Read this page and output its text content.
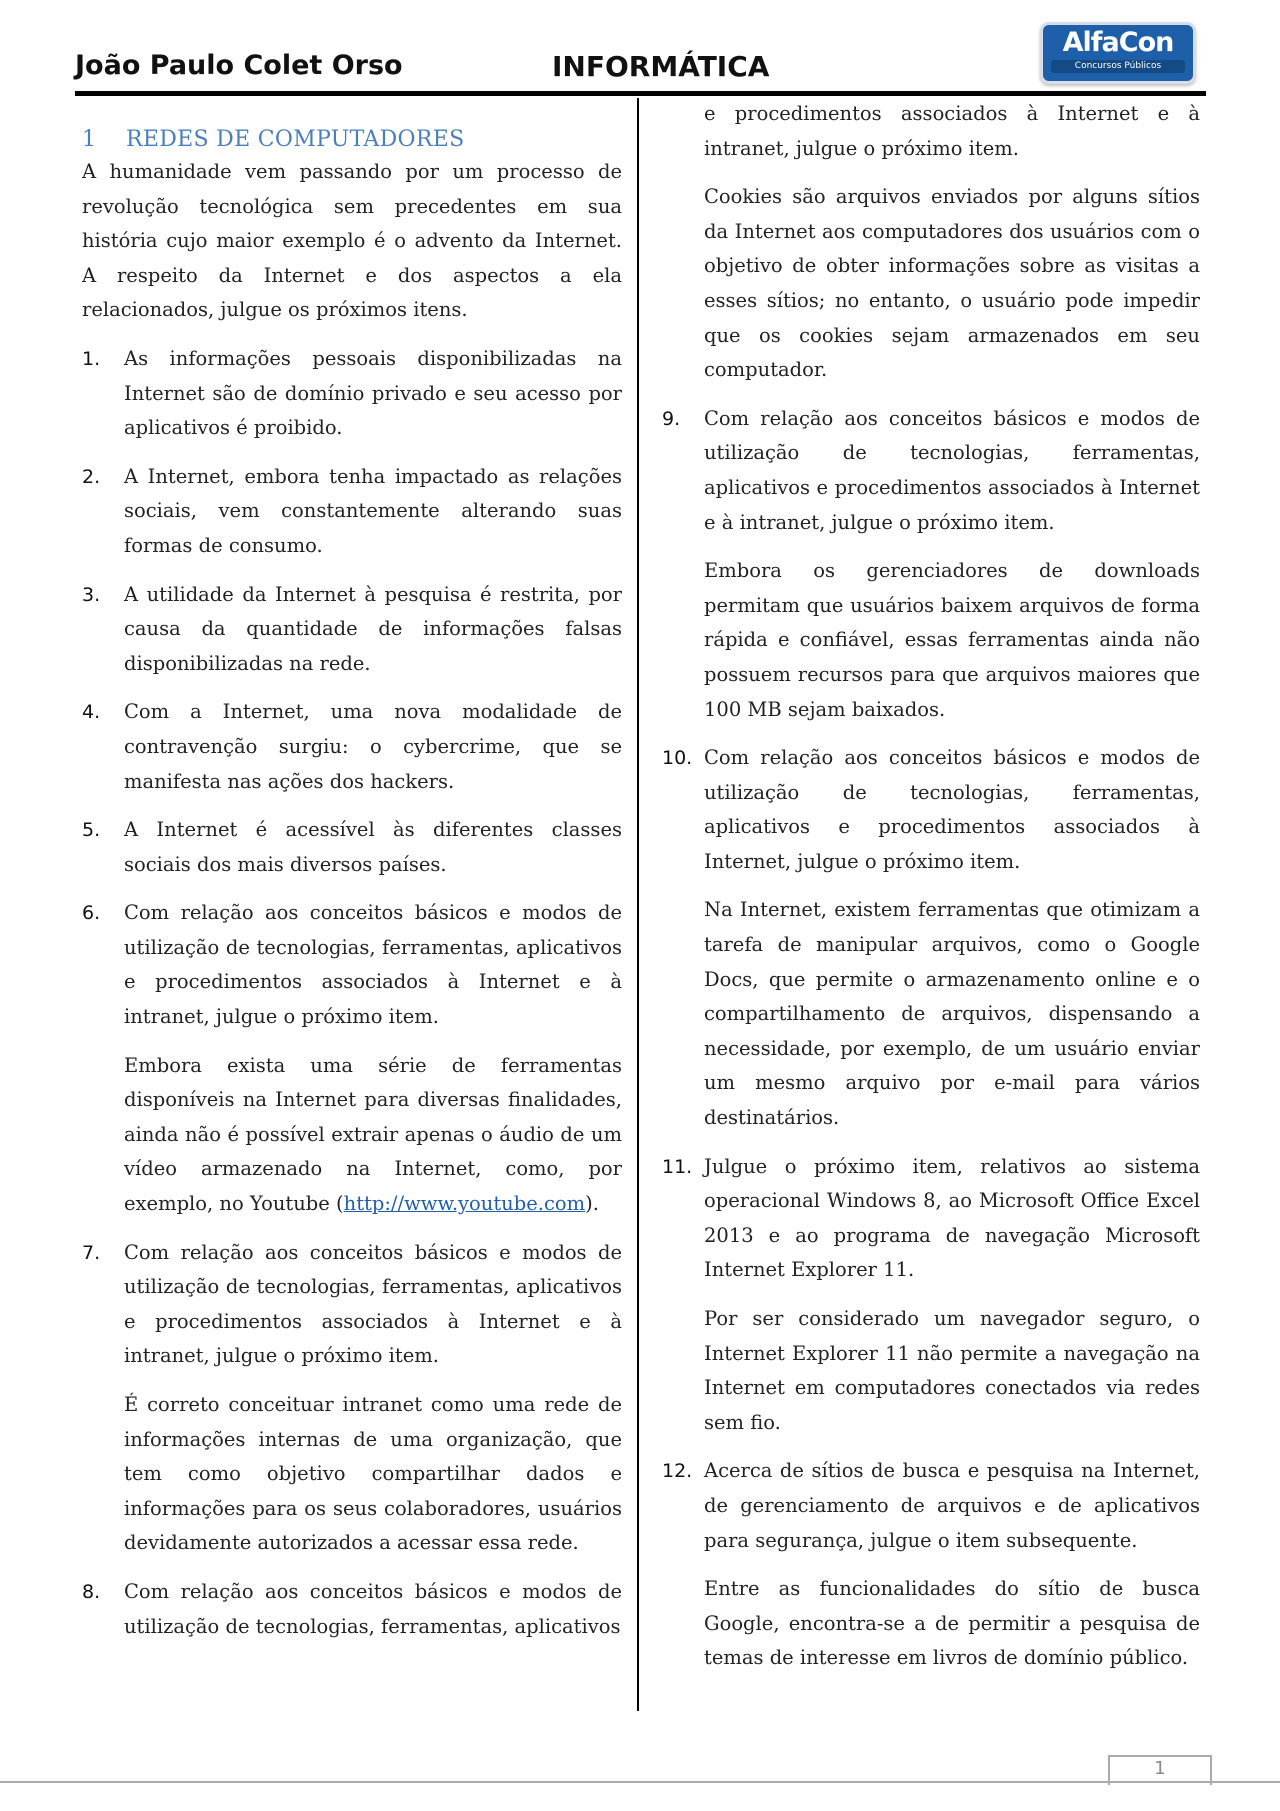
João Paulo Colet Orso	INFORMÁTICA
AlfaCon
Concursos Públicos
1 REDES DE COMPUTADORES

A humanidade vem passando por um processo de revolução tecnológica sem precedentes em sua história cujo maior exemplo é o advento da Internet. A respeito da Internet e dos aspectos a ela relacionados, julgue os próximos itens.

1.	As informações pessoais disponibilizadas na Internet são de domínio privado e seu acesso por aplicativos é proibido.

2.	A Internet, embora tenha impactado as relações sociais, vem constantemente alterando suas formas de consumo.

3.	A utilidade da Internet à pesquisa é restrita, por causa da quantidade de informações falsas disponibilizadas na rede.

4.	Com a Internet, uma nova modalidade de contravenção surgiu: o cybercrime, que se manifesta nas ações dos hackers.

5.	A Internet é acessível às diferentes classes sociais dos mais diversos países.

6.	Com relação aos conceitos básicos e modos de utilização de tecnologias, ferramentas, aplicativos e procedimentos associados à Internet e à intranet, julgue o próximo item.

Embora exista uma série de ferramentas disponíveis na Internet para diversas finalidades, ainda não é possível extrair apenas o áudio de um vídeo armazenado na Internet, como, por exemplo, no Youtube (http://www.youtube.com).

7.	Com relação aos conceitos básicos e modos de utilização de tecnologias, ferramentas, aplicativos e procedimentos associados à Internet e à intranet, julgue o próximo item.

É correto conceituar intranet como uma rede de informações internas de uma organização, que tem como objetivo compartilhar dados e informações para os seus colaboradores, usuários devidamente autorizados a acessar essa rede.

8.	Com relação aos conceitos básicos e modos de utilização de tecnologias, ferramentas, aplicativos

e procedimentos associados à Internet e à intranet, julgue o próximo item.

Cookies são arquivos enviados por alguns sítios da Internet aos computadores dos usuários com o objetivo de obter informações sobre as visitas a esses sítios; no entanto, o usuário pode impedir que os cookies sejam armazenados em seu computador.

9.	Com relação aos conceitos básicos e modos de utilização de tecnologias, ferramentas, aplicativos e procedimentos associados à Internet e à intranet, julgue o próximo item.

Embora os gerenciadores de downloads permitam que usuários baixem arquivos de forma rápida e confiável, essas ferramentas ainda não possuem recursos para que arquivos maiores que 100 MB sejam baixados.

10. Com relação aos conceitos básicos e modos de utilização de tecnologias, ferramentas, aplicativos e procedimentos associados à Internet, julgue o próximo item.

Na Internet, existem ferramentas que otimizam a tarefa de manipular arquivos, como o Google Docs, que permite o armazenamento online e o compartilhamento de arquivos, dispensando a necessidade, por exemplo, de um usuário enviar um mesmo arquivo por e-mail para vários destinatários.

11. Julgue o próximo item, relativos ao sistema operacional Windows 8, ao Microsoft Office Excel 2013 e ao programa de navegação Microsoft Internet Explorer 11.

Por ser considerado um navegador seguro, o Internet Explorer 11 não permite a navegação na Internet em computadores conectados via redes sem fio.

12. Acerca de sítios de busca e pesquisa na Internet, de gerenciamento de arquivos e de aplicativos para segurança, julgue o item subsequente.

Entre as funcionalidades do sítio de busca Google, encontra-se a de permitir a pesquisa de temas de interesse em livros de domínio público.

1
